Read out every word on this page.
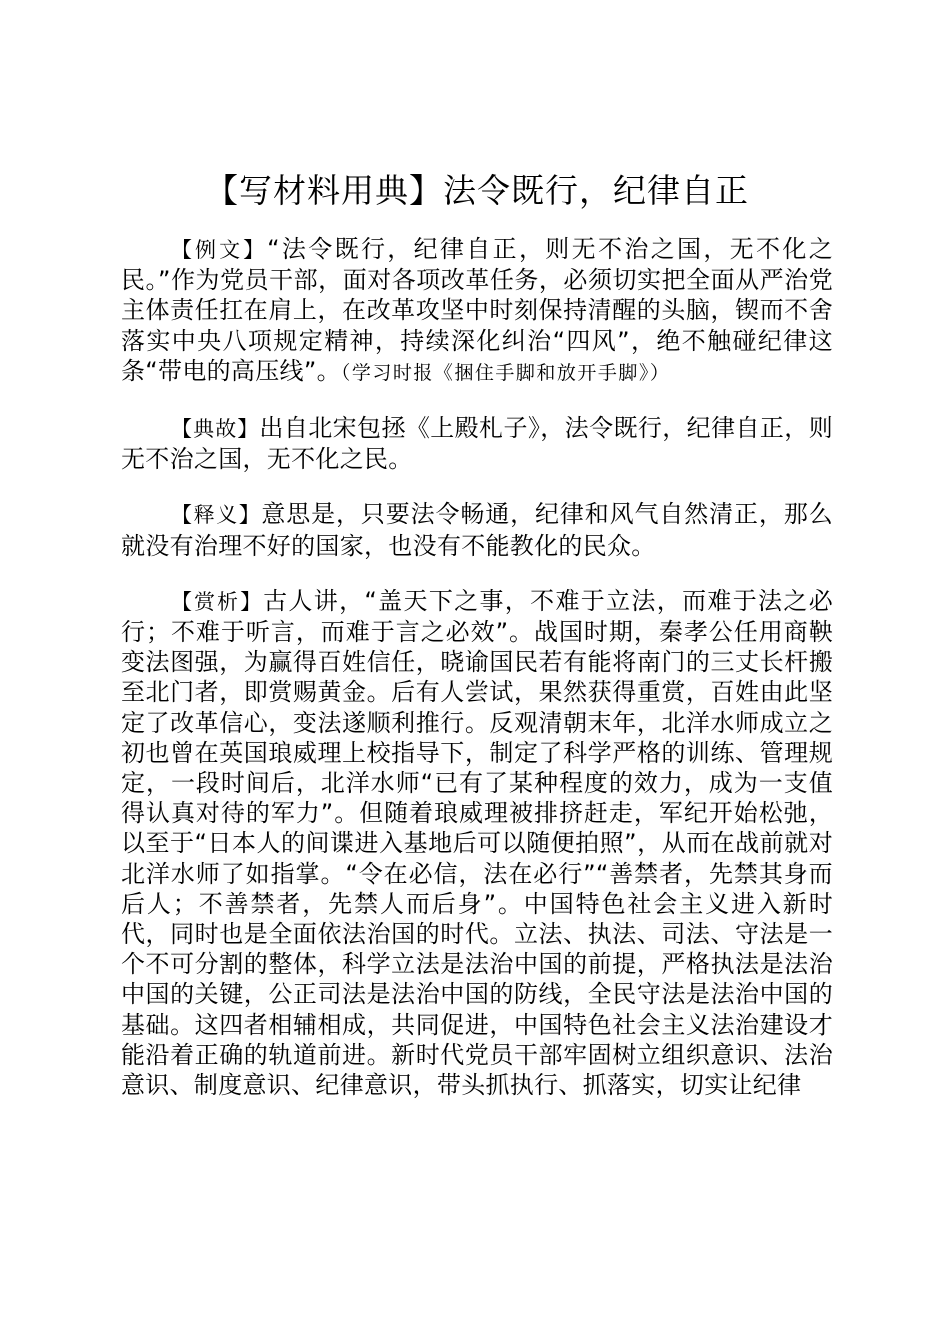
【写材料用典】法令既行，纪律自正

【例文】“法令既行，纪律自正，则无不治之国，无不化之民。”作为党员干部，面对各项改革任务，必须切实把全面从严治党主体责任扛在肩上，在改革攻坚中时刻保持清醒的头脑，锲而不舍落实中央八项规定精神，持续深化纠治“四风”，绝不触碰纪律这条“带电的高压线”。（学习时报《捆住手脚和放开手脚》）

【典故】出自北宋包拯《上殿札子》，法令既行，纪律自正，则无不治之国，无不化之民。

【释义】意思是，只要法令畅通，纪律和风气自然清正，那么就没有治理不好的国家，也没有不能教化的民众。

【赏析】古人讲，“盖天下之事，不难于立法，而难于法之必行；不难于听言，而难于言之必效”。战国时期，秦孝公任用商鞅变法图强，为赢得百姓信任，晓谕国民若有能将南门的三丈长杆搬至北门者，即赏赐黄金。后有人尝试，果然获得重赏，百姓由此坚定了改革信心，变法遂顺利推行。反观清朝末年，北洋水师成立之初也曾在英国琅威理上校指导下，制定了科学严格的训练、管理规定，一段时间后，北洋水师“已有了某种程度的效力，成为一支值得认真对待的军力”。但随着琅威理被排挤赶走，军纪开始松弛，以至于“日本人的间谍进入基地后可以随便拍照”，从而在战前就对北洋水师了如指掌。“令在必信，法在必行”“善禁者，先禁其身而后人；不善禁者，先禁人而后身”。中国特色社会主义进入新时代，同时也是全面依法治国的时代。立法、执法、司法、守法是一个不可分割的整体，科学立法是法治中国的前提，严格执法是法治中国的关键，公正司法是法治中国的防线，全民守法是法治中国的基础。这四者相辅相成，共同促进，中国特色社会主义法治建设才能沿着正确的轨道前进。新时代党员干部牢固树立组织意识、法治意识、制度意识、纪律意识，带头抓执行、抓落实，切实让纪律
